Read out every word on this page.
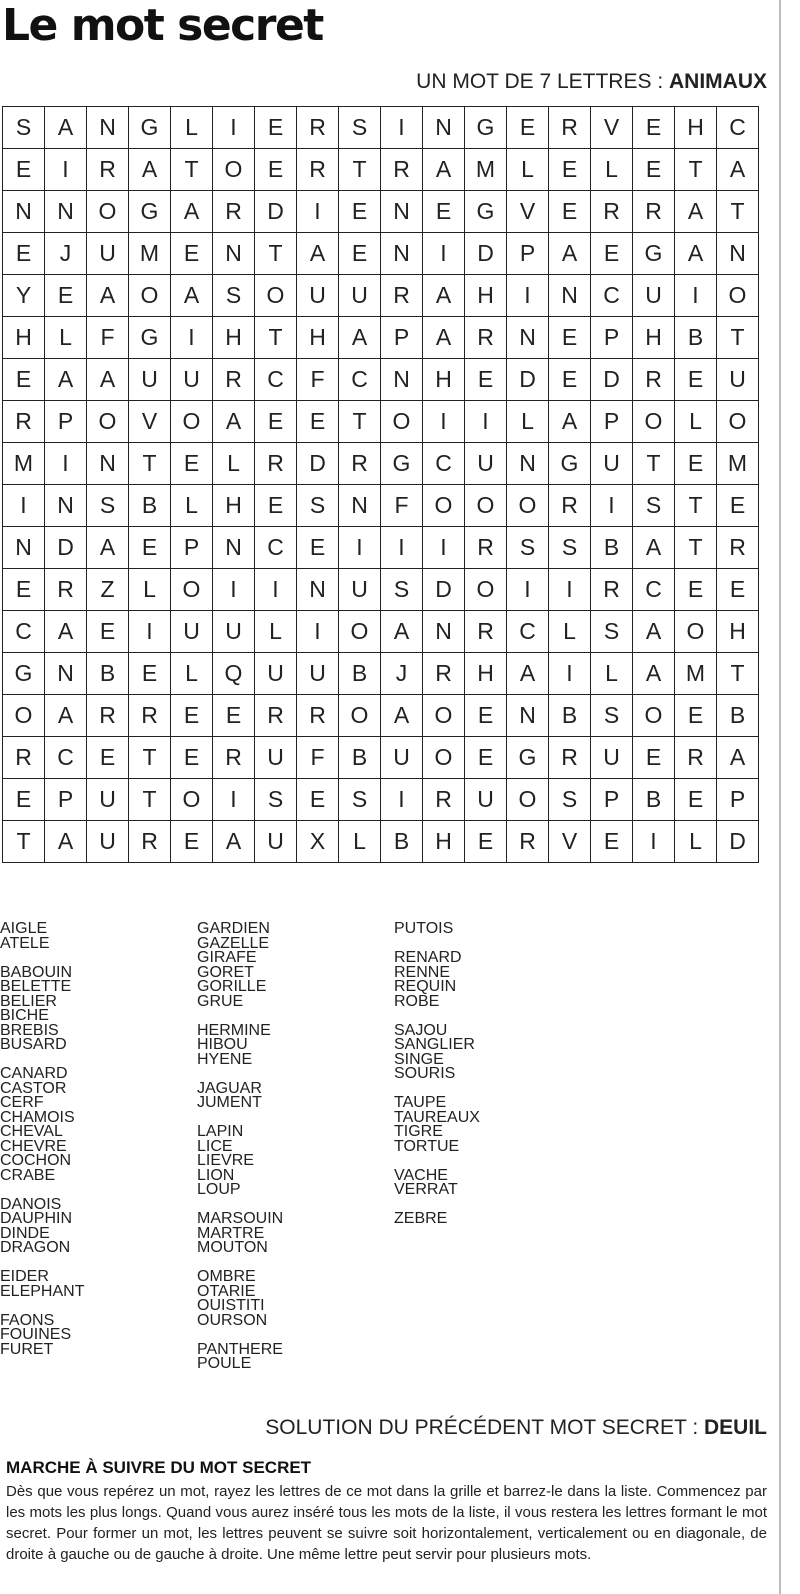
Le mot secret
UN MOT DE 7 LETTRES : ANIMAUX
S	A	N	G	L	I	E	R	S	I	N	G	E	R	V	E	H	C
E	I	R	A	T	O	E	R	T	R	A	M	L	E	L	E	T	A
N	N	O	G	A	R	D	I	E	N	E	G	V	E	R	R	A	T
E	J	U	M	E	N	T	A	E	N	I	D	P	A	E	G	A	N
Y	E	A	O	A	S	O	U	U	R	A	H	I	N	C	U	I	O
H	L	F	G	I	H	T	H	A	P	A	R	N	E	P	H	B	T
E	A	A	U	U	R	C	F	C	N	H	E	D	E	D	R	E	U
R	P	O	V	O	A	E	E	T	O	I	I	L	A	P	O	L	O
M	I	N	T	E	L	R	D	R	G	C	U	N	G	U	T	E	M
I	N	S	B	L	H	E	S	N	F	O	O	O	R	I	S	T	E
N	D	A	E	P	N	C	E	I	I	I	R	S	S	B	A	T	R
E	R	Z	L	O	I	I	N	U	S	D	O	I	I	R	C	E	E
C	A	E	I	U	U	L	I	O	A	N	R	C	L	S	A	O	H
G	N	B	E	L	Q	U	U	B	J	R	H	A	I	L	A	M	T
O	A	R	R	E	E	R	R	O	A	O	E	N	B	S	O	E	B
R	C	E	T	E	R	U	F	B	U	O	E	G	R	U	E	R	A
E	P	U	T	O	I	S	E	S	I	R	U	O	S	P	B	E	P
T	A	U	R	E	A	U	X	L	B	H	E	R	V	E	I	L	D
AIGLE
ATELE
BABOUIN
BELETTE
BELIER
BICHE
BREBIS
BUSARD
CANARD
CASTOR
CERF
CHAMOIS
CHEVAL
CHEVRE
COCHON
CRABE
DANOIS
DAUPHIN
DINDE
DRAGON
EIDER
ELEPHANT
FAONS
FOUINES
FURET
GARDIEN
GAZELLE
GIRAFE
GORET
GORILLE
GRUE
HERMINE
HIBOU
HYENE
JAGUAR
JUMENT
LAPIN
LICE
LIEVRE
LION
LOUP
MARSOUIN
MARTRE
MOUTON
OMBRE
OTARIE
OUISTITI
OURSON
PANTHERE
POULE
PUTOIS
RENARD
RENNE
REQUIN
ROBE
SAJOU
SANGLIER
SINGE
SOURIS
TAUPE
TAUREAUX
TIGRE
TORTUE
VACHE
VERRAT
ZEBRE
SOLUTION DU PRÉCÉDENT MOT SECRET : DEUIL
MARCHE À SUIVRE DU MOT SECRET

Dès que vous repérez un mot, rayez les lettres de ce mot dans la grille et barrez-le dans la liste. Commencez par les mots les plus longs. Quand vous aurez inséré tous les mots de la liste, il vous restera les lettres formant le mot secret. Pour former un mot, les lettres peuvent se suivre soit horizontalement, verticalement ou en diagonale, de droite à gauche ou de gauche à droite. Une même lettre peut servir pour plusieurs mots.
